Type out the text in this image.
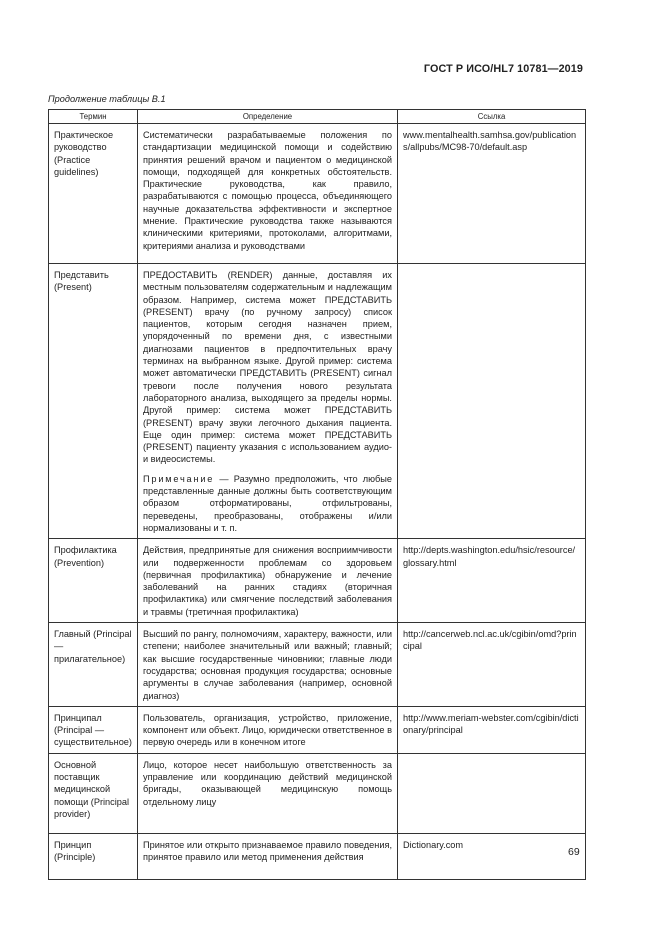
ГОСТ Р ИСО/HL7 10781—2019
Продолжение таблицы В.1
Термин	Определение	Ссылка
Практическое руководство (Practice guidelines)	Систематически разрабатываемые положения по стандартизации медицинской помощи и содействию принятия решений врачом и пациентом о медицинской помощи, подходящей для конкретных обстоятельств. Практические руководства, как правило, разрабатываются с помощью процесса, объединяющего научные доказательства эффективности и экспертное мнение. Практические руководства также называются клиническими критериями, протоколами, алгоритмами, критериями анализа и руководствами	www.mentalhealth.samhsa.gov/publications/allpubs/MC98-70/default.asp
Представить (Present)	ПРЕДОСТАВИТЬ (RENDER) данные, доставляя их местным пользователям содержательным и надлежащим образом. Например, система может ПРЕДСТАВИТЬ (PRESENT) врачу (по ручному запросу) список пациентов, которым сегодня назначен прием, упорядоченный по времени дня, с известными диагнозами пациентов в предпочтительных врачу терминах на выбранном языке. Другой пример: система может автоматически ПРЕДСТАВИТЬ (PRESENT) сигнал тревоги после получения нового результата лабораторного анализа, выходящего за пределы нормы. Другой пример: система может ПРЕДСТАВИТЬ (PRESENT) врачу звуки легочного дыхания пациента. Еще один пример: система может ПРЕДСТАВИТЬ (PRESENT) пациенту указания с использованием аудио- и видеосистемы.
Примечание — Разумно предположить, что любые представленные данные должны быть соответствующим образом отформатированы, отфильтрованы, переведены, преобразованы, отображены и/или нормализованы и т. п.	

Профилактика (Prevention)	Действия, предпринятые для снижения восприимчивости или подверженности проблемам со здоровьем (первичная профилактика) обнаружение и лечение заболеваний на ранних стадиях (вторичная профилактика) или смягчение последствий заболевания и травмы (третичная профилактика)	http://depts.washington.edu/hsic/resource/glossary.html
Главный (Principal — прилагательное)	Высший по рангу, полномочиям, характеру, важности, или степени; наиболее значительный или важный; главный; как высшие государственные чиновники; главные люди государства; основная продукция государства; основные аргументы в случае заболевания (например, основной диагноз)	http://cancerweb.ncl.ac.uk/cgibin/omd?principal
Принципал (Principal — существительное)	Пользователь, организация, устройство, приложение, компонент или объект. Лицо, юридически ответственное в первую очередь или в конечном итоге	http://www.meriam-webster.com/cgibin/dictionary/principal
Основной поставщик медицинской помощи (Principal provider)	Лицо, которое несет наибольшую ответственность за управление или координацию действий медицинской бригады, оказывающей медицинскую помощь отдельному лицу	
Принцип (Principle)	Принятое или открыто признаваемое правило поведения, принятое правило или метод применения действия	Dictionary.com
69
